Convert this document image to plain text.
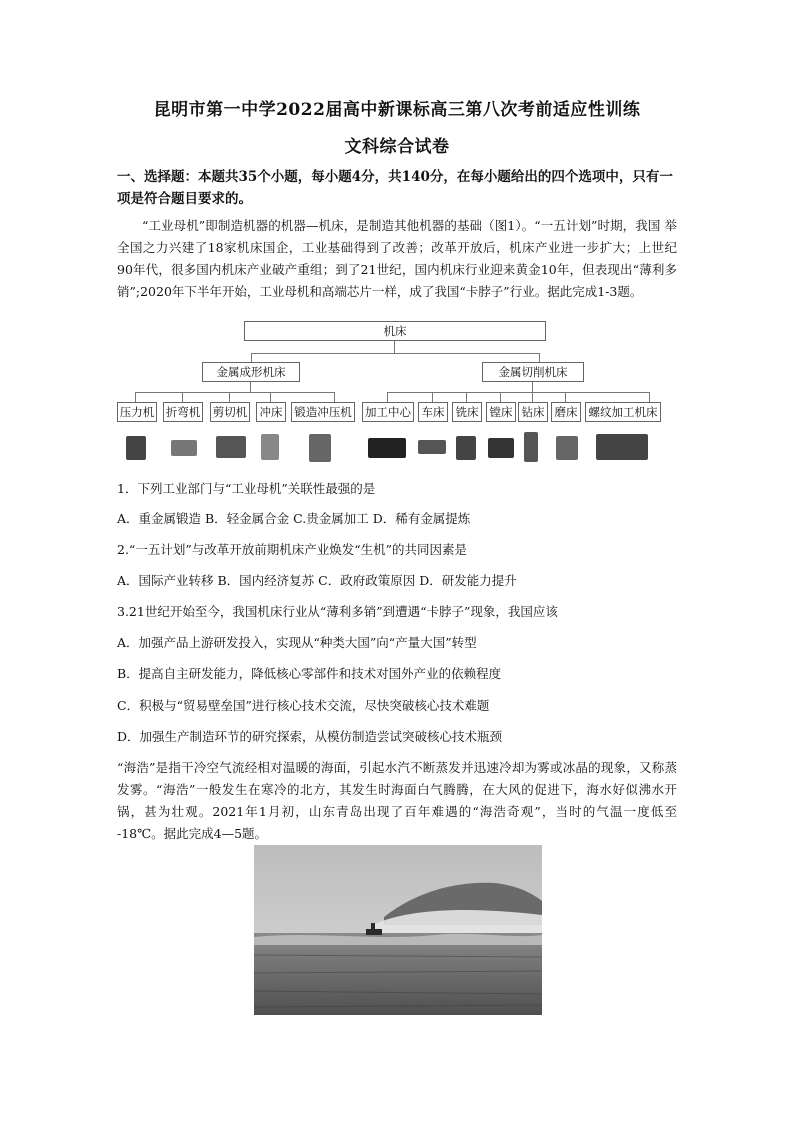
昆明市第一中学2022届高中新课标高三第八次考前适应性训练
文科综合试卷
一、选择题：本题共35个小题，每小题4分，共140分，在每小题给出的四个选项中，只有一项是符合题目要求的。
“工业母机”即制造机器的机器—机床，是制造其他机器的基础（图1）。“一五计划”时期，我国 举全国之力兴建了18家机床国企，工业基础得到了改善；改革开放后，机床产业进一步扩大；上世纪 90年代，很多国内机床产业破产重组；到了21世纪，国内机床行业迎来黄金10年，但表现出“薄利多销”;2020年下半年开始，工业母机和高端芯片一样，成了我国“卡脖子”行业。据此完成1-3题。
机床
金属成形机床	金属切削机床
压力机 折弯机 剪切机	冲床	锻造冲压机 加工中心 车床 铣床 镗床 钻床 磨床 螺纹加工机床
1．下列工业部门与“工业母机”关联性最强的是
A．重金属锻造 B．轻金属合金 C.贵金属加工 D．稀有金属提炼
2.“一五计划”与改革开放前期机床产业焕发“生机”的共同因素是
A．国际产业转移 B．国内经济复苏 C．政府政策原因 D．研发能力提升
3.21世纪开始至今，我国机床行业从“薄利多销”到遭遇“卡脖子”现象，我国应该
A．加强产品上游研发投入，实现从“种类大国”向“产量大国”转型
B．提高自主研发能力，降低核心零部件和技术对国外产业的依赖程度
C．积极与“贸易壁垒国”进行核心技术交流，尽快突破核心技术难题
D．加强生产制造环节的研究探索，从模仿制造尝试突破核心技术瓶颈
“海浩”是指干冷空气流经相对温暖的海面，引起水汽不断蒸发并迅速冷却为雾或冰晶的现象，又称蒸发雾。“海浩”一般发生在寒冷的北方，其发生时海面白气腾腾，在大风的促进下，海水好似沸水开锅，甚为壮观。2021年1月初，山东青岛出现了百年难遇的“海浩奇观”，当时的气温一度低至 -18℃。据此完成4—5题。
